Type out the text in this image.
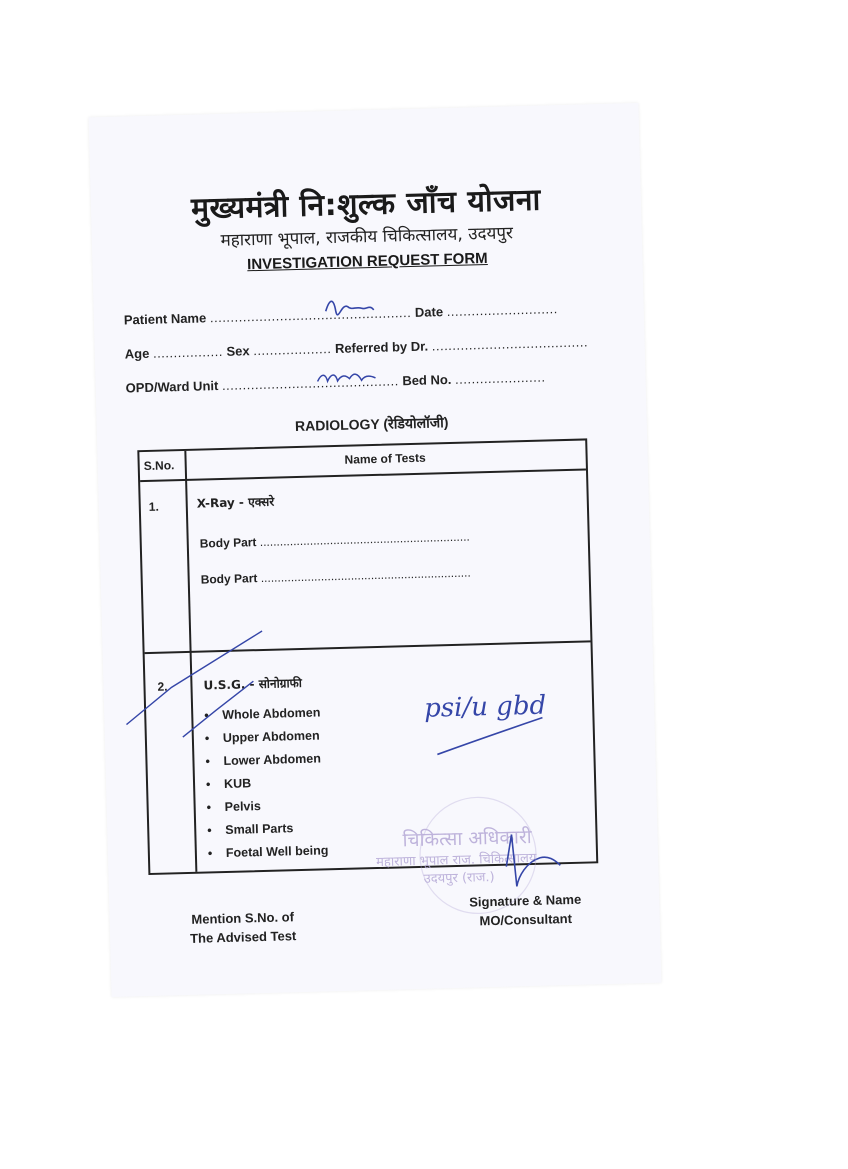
मुख्यमंत्री नि:शुल्क जाँच योजना
महाराणा भूपाल, राजकीय चिकित्सालय, उदयपुर
INVESTIGATION REQUEST FORM
Patient Name ................................................. Date ...........................
Age ................. Sex ................... Referred by Dr. ......................................
OPD/Ward Unit ........................................... Bed No. ......................
RADIOLOGY (रेडियोलॉजी)
S.No.	Name of Tests
1.	X-Ray - एक्सरे
Body Part ...............................................................
Body Part ...............................................................
2.	U.S.G. - सोनोग्राफी
• Whole Abdomen
• Upper Abdomen
• Lower Abdomen
• KUB
• Pelvis
• Small Parts
• Foetal Well being
चिकित्सा अधिकारी
महाराणा भूपाल राज. चिकित्सालय
उदयपुर (राज.)
psi/u gbd
Mention S.No. of
The Advised Test
Signature & Name
MO/Consultant
